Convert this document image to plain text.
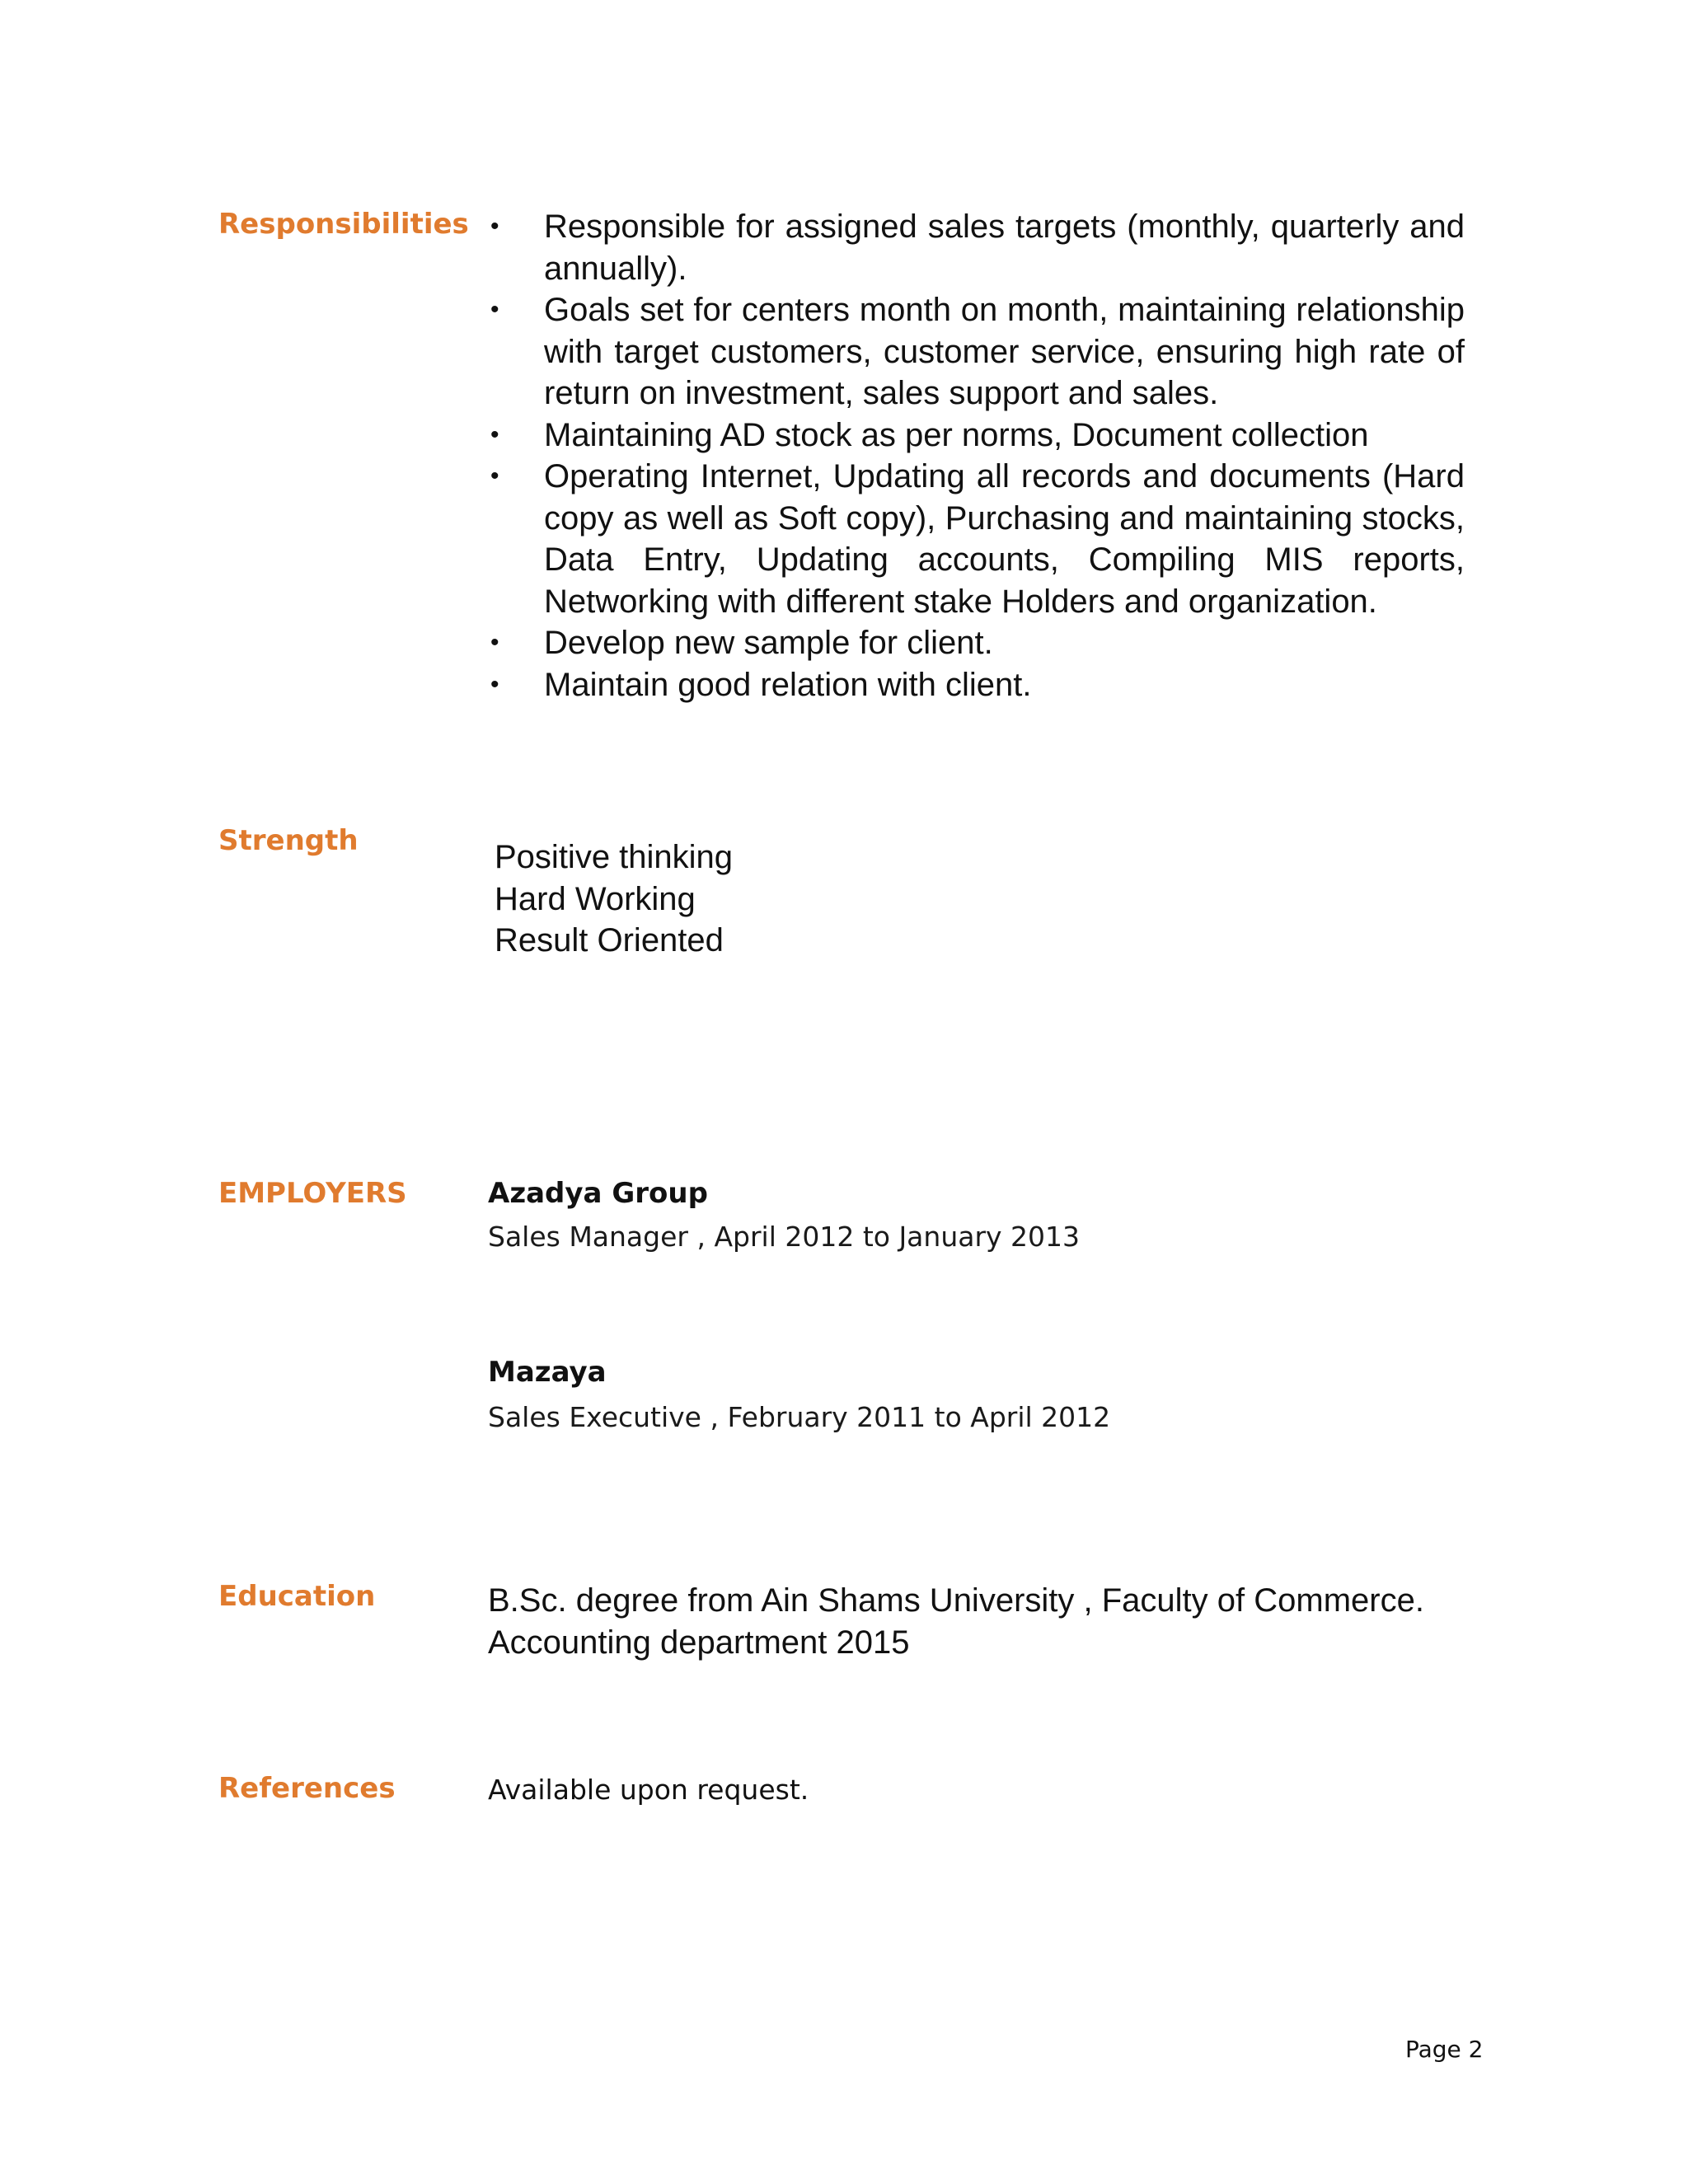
Responsibilities
•	Responsible for assigned sales targets (monthly, quarterly and annually).
• Goals set for centers month on month, maintaining relationship with target customers, customer service, ensuring high rate of return on investment, sales support and sales.
• Maintaining AD stock as per norms, Document collection
• Operating Internet, Updating all records and documents (Hard copy as well as Soft copy), Purchasing and maintaining stocks, Data Entry, Updating accounts, Compiling MIS reports, Networking with different stake Holders and organization.
• Develop new sample for client.
• Maintain good relation with client.
Strength	Positive thinking
Hard Working
Result Oriented
EMPLOYERS	Azadya Group

Sales Manager , April 2012 to January 2013

Mazaya

Sales Executive , February 2011 to April 2012

Education	B.Sc. degree from Ain Shams University , Faculty of Commerce. Accounting department 2015

References	Available upon request.

Page 2
